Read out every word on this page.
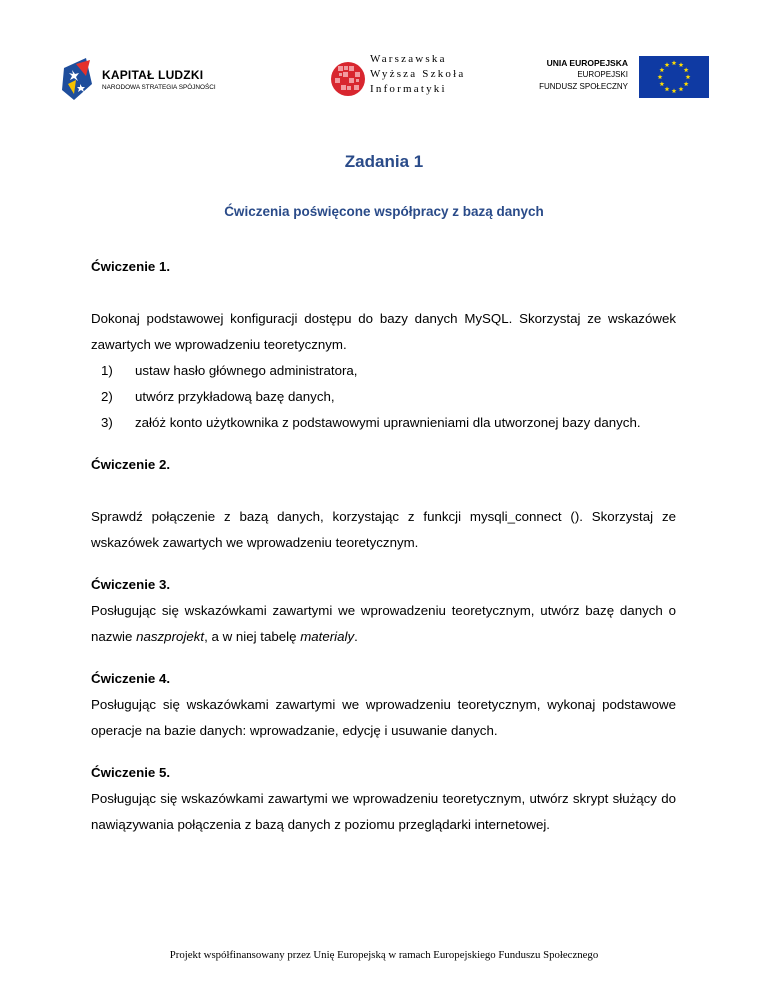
KAPITAŁ LUDZKI
NARODOWA STRATEGIA SPÓJNOŚCI
Warszawska
Wyższa Szkoła
Informatyki
UNIA EUROPEJSKA
EUROPEJSKI
FUNDUSZ SPOŁECZNY
Zadania 1
Ćwiczenia poświęcone współpracy z bazą danych

Ćwiczenie 1.

Dokonaj podstawowej konfiguracji dostępu do bazy danych MySQL. Skorzystaj ze wskazówek zawartych we wprowadzeniu teoretycznym.

1) ustaw hasło głównego administratora,
2) utwórz przykładową bazę danych,
3) załóż konto użytkownika z podstawowymi uprawnieniami dla utworzonej bazy danych.

Ćwiczenie 2.

Sprawdź połączenie z bazą danych, korzystając z funkcji mysqli_connect (). Skorzystaj ze wskazówek zawartych we wprowadzeniu teoretycznym.

Ćwiczenie 3.

Posługując się wskazówkami zawartymi we wprowadzeniu teoretycznym, utwórz bazę danych o nazwie naszprojekt, a w niej tabelę materialy.

Ćwiczenie 4.

Posługując się wskazówkami zawartymi we wprowadzeniu teoretycznym, wykonaj podstawowe operacje na bazie danych: wprowadzanie, edycję i usuwanie danych.

Ćwiczenie 5.

Posługując się wskazówkami zawartymi we wprowadzeniu teoretycznym, utwórz skrypt służący do nawiązywania połączenia z bazą danych z poziomu przeglądarki internetowej.

Projekt współfinansowany przez Unię Europejską w ramach Europejskiego Funduszu Społecznego
